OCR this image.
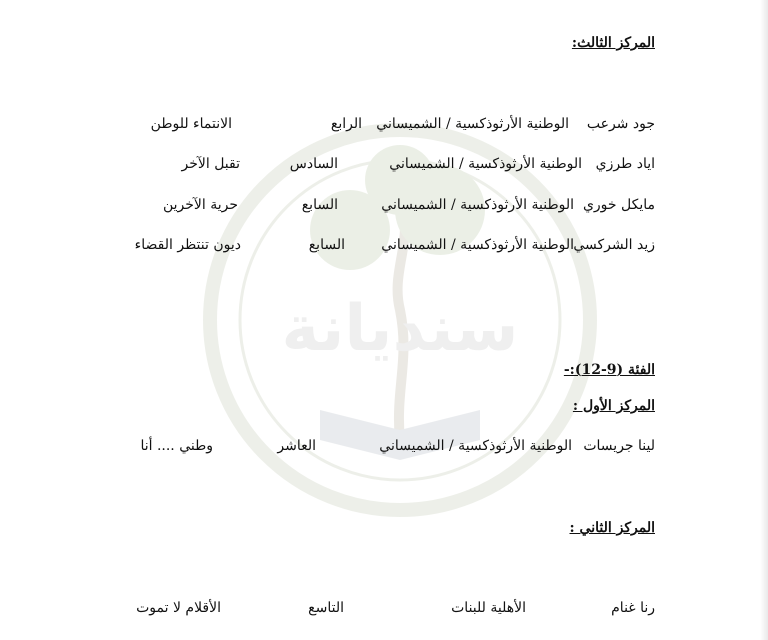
سنديانة
المركز الثالث:
جود شرعب
الوطنية الأرثوذكسية / الشميساني
الرابع
الانتماء للوطن
اياد طرزي
الوطنية الأرثوذكسية / الشميساني
السادس
تقبل الآخر
مايكل خوري
الوطنية الأرثوذكسية / الشميساني
السابع
حرية الآخرين
زيد الشركسي
الوطنية الأرثوذكسية / الشميساني
السابع
ديون تنتظر القضاء
الفئة (9-12):-
المركز الأول :
لينا جريسات
الوطنية الأرثوذكسية / الشميساني
العاشر
وطني .... أنا
المركز الثاني :
رنا غنام
الأهلية للبنات
التاسع
الأقلام لا تموت
